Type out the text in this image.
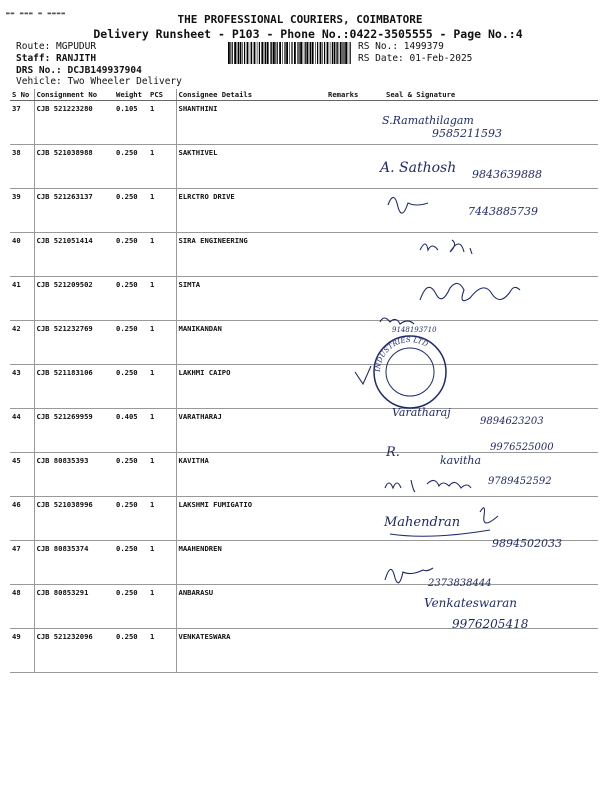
▬▬ ▬▬▬ ▬ ▬▬▬▬	THE PROFESSIONAL COURIERS, COIMBATORE
Delivery Runsheet - P103 - Phone No.:0422-3505555 - Page No.:4
Route: MGPUDUR
Staff: RANJITH
DRS No.: DCJB149937904
Vehicle: Two Wheeler Delivery
RS No.: 1499379
RS Date: 01-Feb-2025
S No	Consignment No	Weight	PCS	Consignee Details	Remarks	Seal & Signature
37	CJB 521223280	0.105	1	SHANTHINI		
38	CJB 521038988	0.250	1	SAKTHIVEL		
39	CJB 521263137	0.250	1	ELRCTRO DRIVE		
40	CJB 521051414	0.250	1	SIRA ENGINEERING		
41	CJB 521209502	0.250	1	SIMTA		
42	CJB 521232769	0.250	1	MANIKANDAN		
43	CJB 521183106	0.250	1	LAKHMI CAIPO		
44	CJB 521269959	0.405	1	VARATHARAJ		
45	CJB 80835393	0.250	1	KAVITHA		
46	CJB 521038996	0.250	1	LAKSHMI FUMIGATIO		
47	CJB 80835374	0.250	1	MAAHENDREN		
48	CJB 80853291	0.250	1	ANBARASU		
49	CJB 521232096	0.250	1	VENKATESWARA		
INDUSTRIES LTD
S.Ramathilagam
9585211593
A. Sathosh 9843639888
7443885739
9148193710
Varatharaj
9894623203
R.
kavitha
9976525000
9789452592
Mahendran
9894502033
2373838444
Venkateswaran
9976205418
